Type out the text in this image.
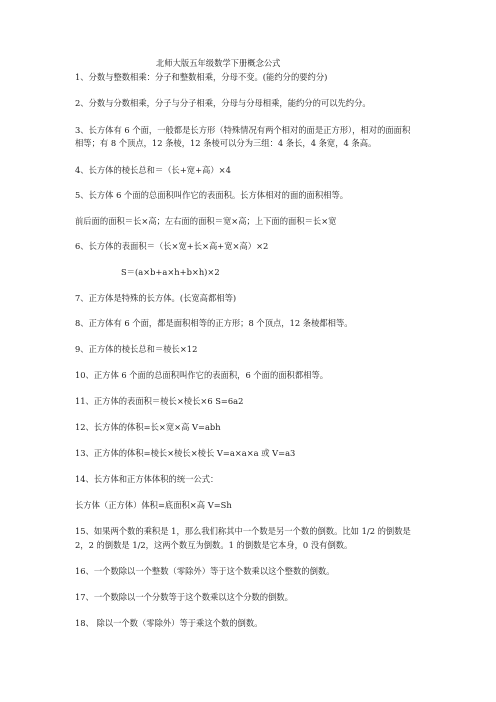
北师大版五年级数学下册概念公式
1、分数与整数相乘：分子和整数相乘，分母不变。(能约分的要约分)
2、分数与分数相乘，分子与分子相乘，分母与分母相乘，能约分的可以先约分。
3、长方体有 6 个面，一般都是长方形（特殊情况有两个相对的面是正方形），相对的面面积
相等；有 8 个顶点，12 条棱，12 条棱可以分为三组：4 条长，4 条宽，4 条高。
4、长方体的棱长总和＝（长+宽+高）×4
5、长方体 6 个面的总面积叫作它的表面积。长方体相对的面的面积相等。
前后面的面积＝长×高；左右面的面积＝宽×高；上下面的面积＝长×宽
6、长方体的表面积＝（长×宽+长×高+宽×高）×2
S＝(a×b+a×h+b×h)×2
7、正方体是特殊的长方体。(长宽高都相等)
8、正方体有 6 个面，都是面积相等的正方形；8 个顶点，12 条棱都相等。
9、正方体的棱长总和＝棱长×12
10、正方体 6 个面的总面积叫作它的表面积，6 个面的面积都相等。
11、正方体的表面积＝棱长×棱长×6 S=6a2
12、长方体的体积=长×宽×高 V=abh
13、正方体的体积=棱长×棱长×棱长 V=a×a×a 或 V=a3
14、长方体和正方体体积的统一公式：
长方体（正方体）体积=底面积×高 V=Sh
15、如果两个数的乘积是 1，那么我们称其中一个数是另一个数的倒数。比如 1/2 的倒数是
2，2 的倒数是 1/2，这两个数互为倒数。1 的倒数是它本身，0 没有倒数。
16、一个数除以一个整数（零除外）等于这个数乘以这个整数的倒数。
17、一个数除以一个分数等于这个数乘以这个分数的倒数。
18、 除以一个数（零除外）等于乘这个数的倒数。
